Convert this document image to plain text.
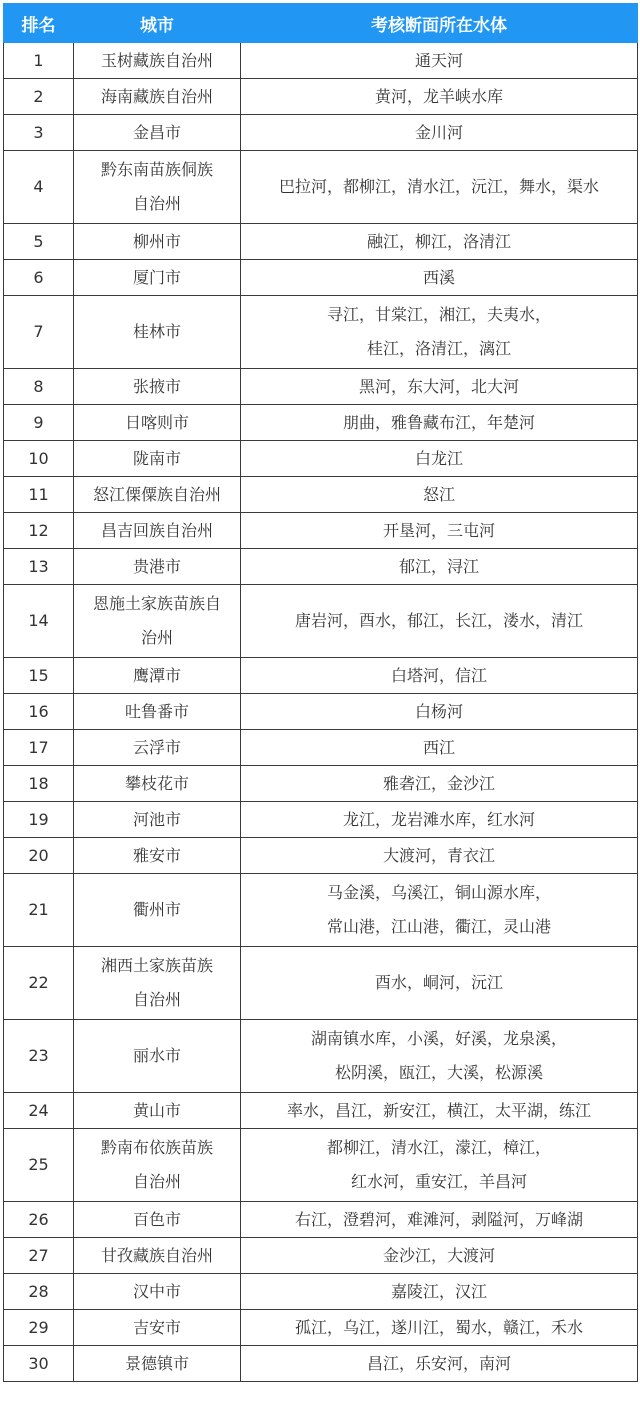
排名	城市	考核断面所在水体
1	玉树藏族自治州	通天河

2	海南藏族自治州	黄河，龙羊峡水库

3	金昌市	金川河

4	黔东南苗族侗族
自治州	巴拉河，都柳江，清水江，沅江，舞水，渠水

5	柳州市	融江，柳江，洛清江

6	厦门市	西溪

7	桂林市	寻江，甘棠江，湘江，夫夷水，
桂江，洛清江，漓江

8	张掖市	黑河，东大河，北大河

9	日喀则市	朋曲，雅鲁藏布江，年楚河

10	陇南市	白龙江

11	怒江傈僳族自治州	怒江

12	昌吉回族自治州	开垦河，三屯河

13	贵港市	郁江，浔江

14	恩施土家族苗族自
治州	唐岩河，酉水，郁江，长江，溇水，清江

15	鹰潭市	白塔河，信江

16	吐鲁番市	白杨河

17	云浮市	西江

18	攀枝花市	雅砻江，金沙江

19	河池市	龙江，龙岩滩水库，红水河

20	雅安市	大渡河，青衣江

21	衢州市	马金溪，乌溪江，铜山源水库，
常山港，江山港，衢江，灵山港

22	湘西土家族苗族
自治州	酉水，峒河，沅江

23	丽水市	湖南镇水库，小溪，好溪，龙泉溪，
松阴溪，瓯江，大溪，松源溪

24	黄山市	率水，昌江，新安江，横江，太平湖，练江

25	黔南布依族苗族
自治州	都柳江，清水江，濛江，樟江，
红水河，重安江，羊昌河

26	百色市	右江，澄碧河，难滩河，剥隘河，万峰湖

27	甘孜藏族自治州	金沙江，大渡河

28	汉中市	嘉陵江，汉江

29	吉安市	孤江，乌江，遂川江，蜀水，赣江，禾水

30	景德镇市	昌江，乐安河，南河
